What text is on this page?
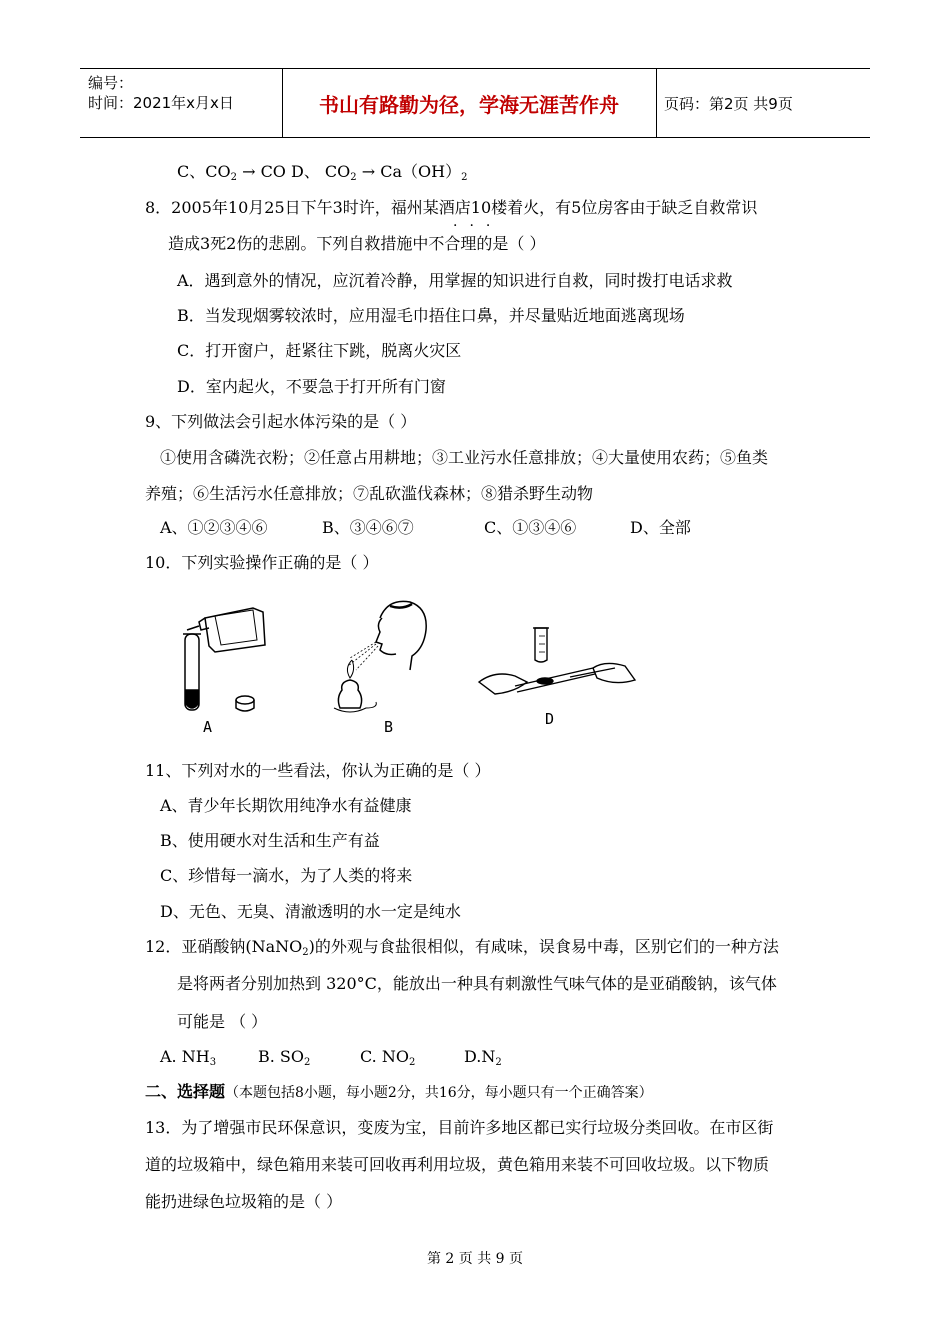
编号：
时间：2021年x月x日	书山有路勤为径，学海无涯苦作舟	页码：第2页 共9页
C、$CO_2$ → CO D、 $CO_2 \to Ca(OH)_2$
8．2005年10月25日下午3时许，福州某酒店10楼着火，有5位房客由于缺乏自救常识
···
造成3死2伤的悲剧。下列自救措施中不合理的是（ ）
A．遇到意外的情况，应沉着冷静，用掌握的知识进行自救，同时拨打电话求救
B．当发现烟雾较浓时，应用湿毛巾捂住口鼻，并尽量贴近地面逃离现场
C．打开窗户，赶紧往下跳，脱离火灾区
D．室内起火，不要急于打开所有门窗
9、下列做法会引起水体污染的是（ ）
①使用含磷洗衣粉；②任意占用耕地；③工业污水任意排放；④大量使用农药；⑤鱼类
养殖；⑥生活污水任意排放；⑦乱砍滥伐森林；⑧猎杀野生动物
A、①②③④⑥	B、③④⑥⑦	C、①③④⑥	D、全部
10．下列实验操作正确的是（ ）
A	B	D
11、下列对水的一些看法，你认为正确的是（ ）
A、青少年长期饮用纯净水有益健康
B、使用硬水对生活和生产有益
C、珍惜每一滴水，为了人类的将来
D、无色、无臭、清澈透明的水一定是纯水
12．亚硝酸钠(NaNO$_2$)的外观与食盐很相似，有咸味，误食易中毒，区别它们的一种方法
是将两者分别加热到 320°C，能放出一种具有刺激性气味气体的是亚硝酸钠，该气体
可能是 （ ）
A. $NH_3$	B. $SO_2$	C. $NO_2$	$D.N_2$
二、选择题（本题包括8小题，每小题2分，共16分，每小题只有一个正确答案）
13．为了增强市民环保意识，变废为宝，目前许多地区都已实行垃圾分类回收。在市区街
道的垃圾箱中，绿色箱用来装可回收再利用垃圾，黄色箱用来装不可回收垃圾。以下物质
能扔进绿色垃圾箱的是（ ）
第 2 页 共 9 页
